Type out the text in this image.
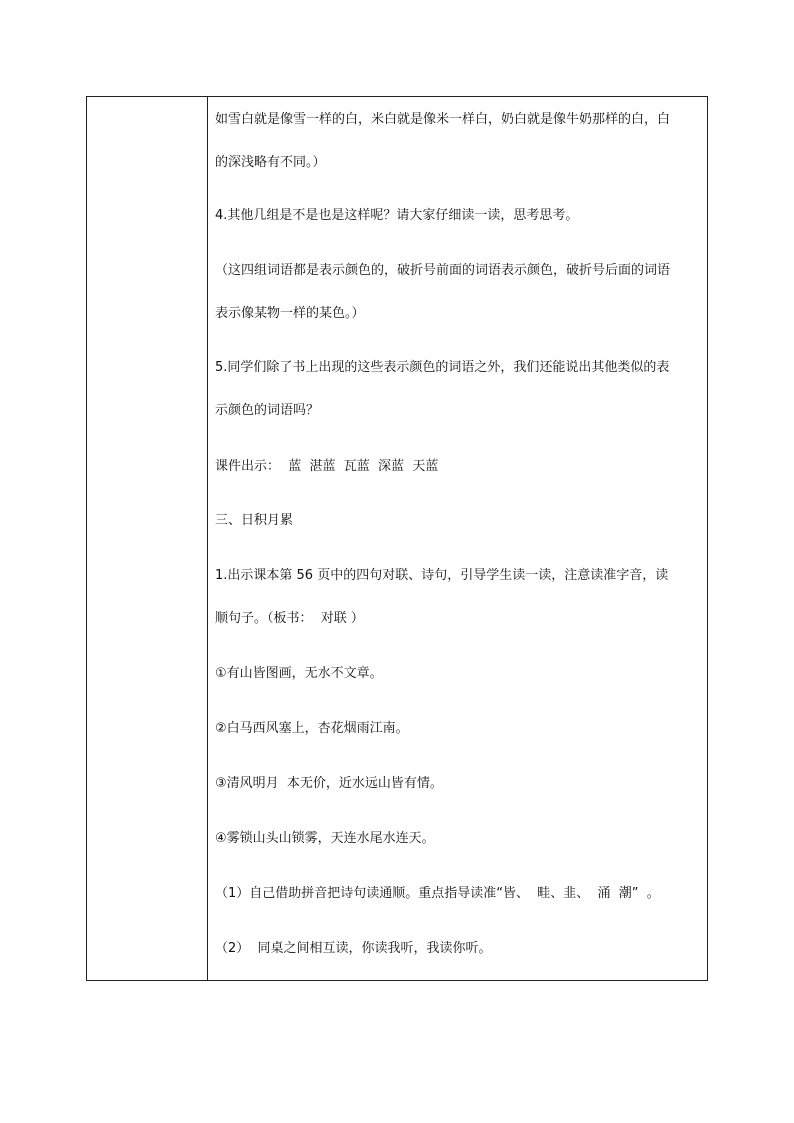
如雪白就是像雪一样的白，米白就是像米一样白，奶白就是像牛奶那样的白，白
的深浅略有不同。）
4.其他几组是不是也是这样呢？请大家仔细读一读，思考思考。
（这四组词语都是表示颜色的，破折号前面的词语表示颜色，破折号后面的词语
表示像某物一样的某色。）
5.同学们除了书上出现的这些表示颜色的词语之外，我们还能说出其他类似的表
示颜色的词语吗？
课件出示：  蓝  湛蓝  瓦蓝  深蓝  天蓝
三、日积月累
1.出示课本第 56 页中的四句对联、诗句，引导学生读一读，注意读准字音，读
顺句子。（板书：  对联 ）
①有山皆图画，无水不文章。
②白马西风塞上，杏花烟雨江南。
③清风明月  本无价，近水远山皆有情。
④雾锁山头山锁雾，天连水尾水连天。
（1）自己借助拼音把诗句读通顺。重点指导读准“皆、  畦、韭、  涌  潮”  。
（2）  同桌之间相互读，你读我听，我读你听。
